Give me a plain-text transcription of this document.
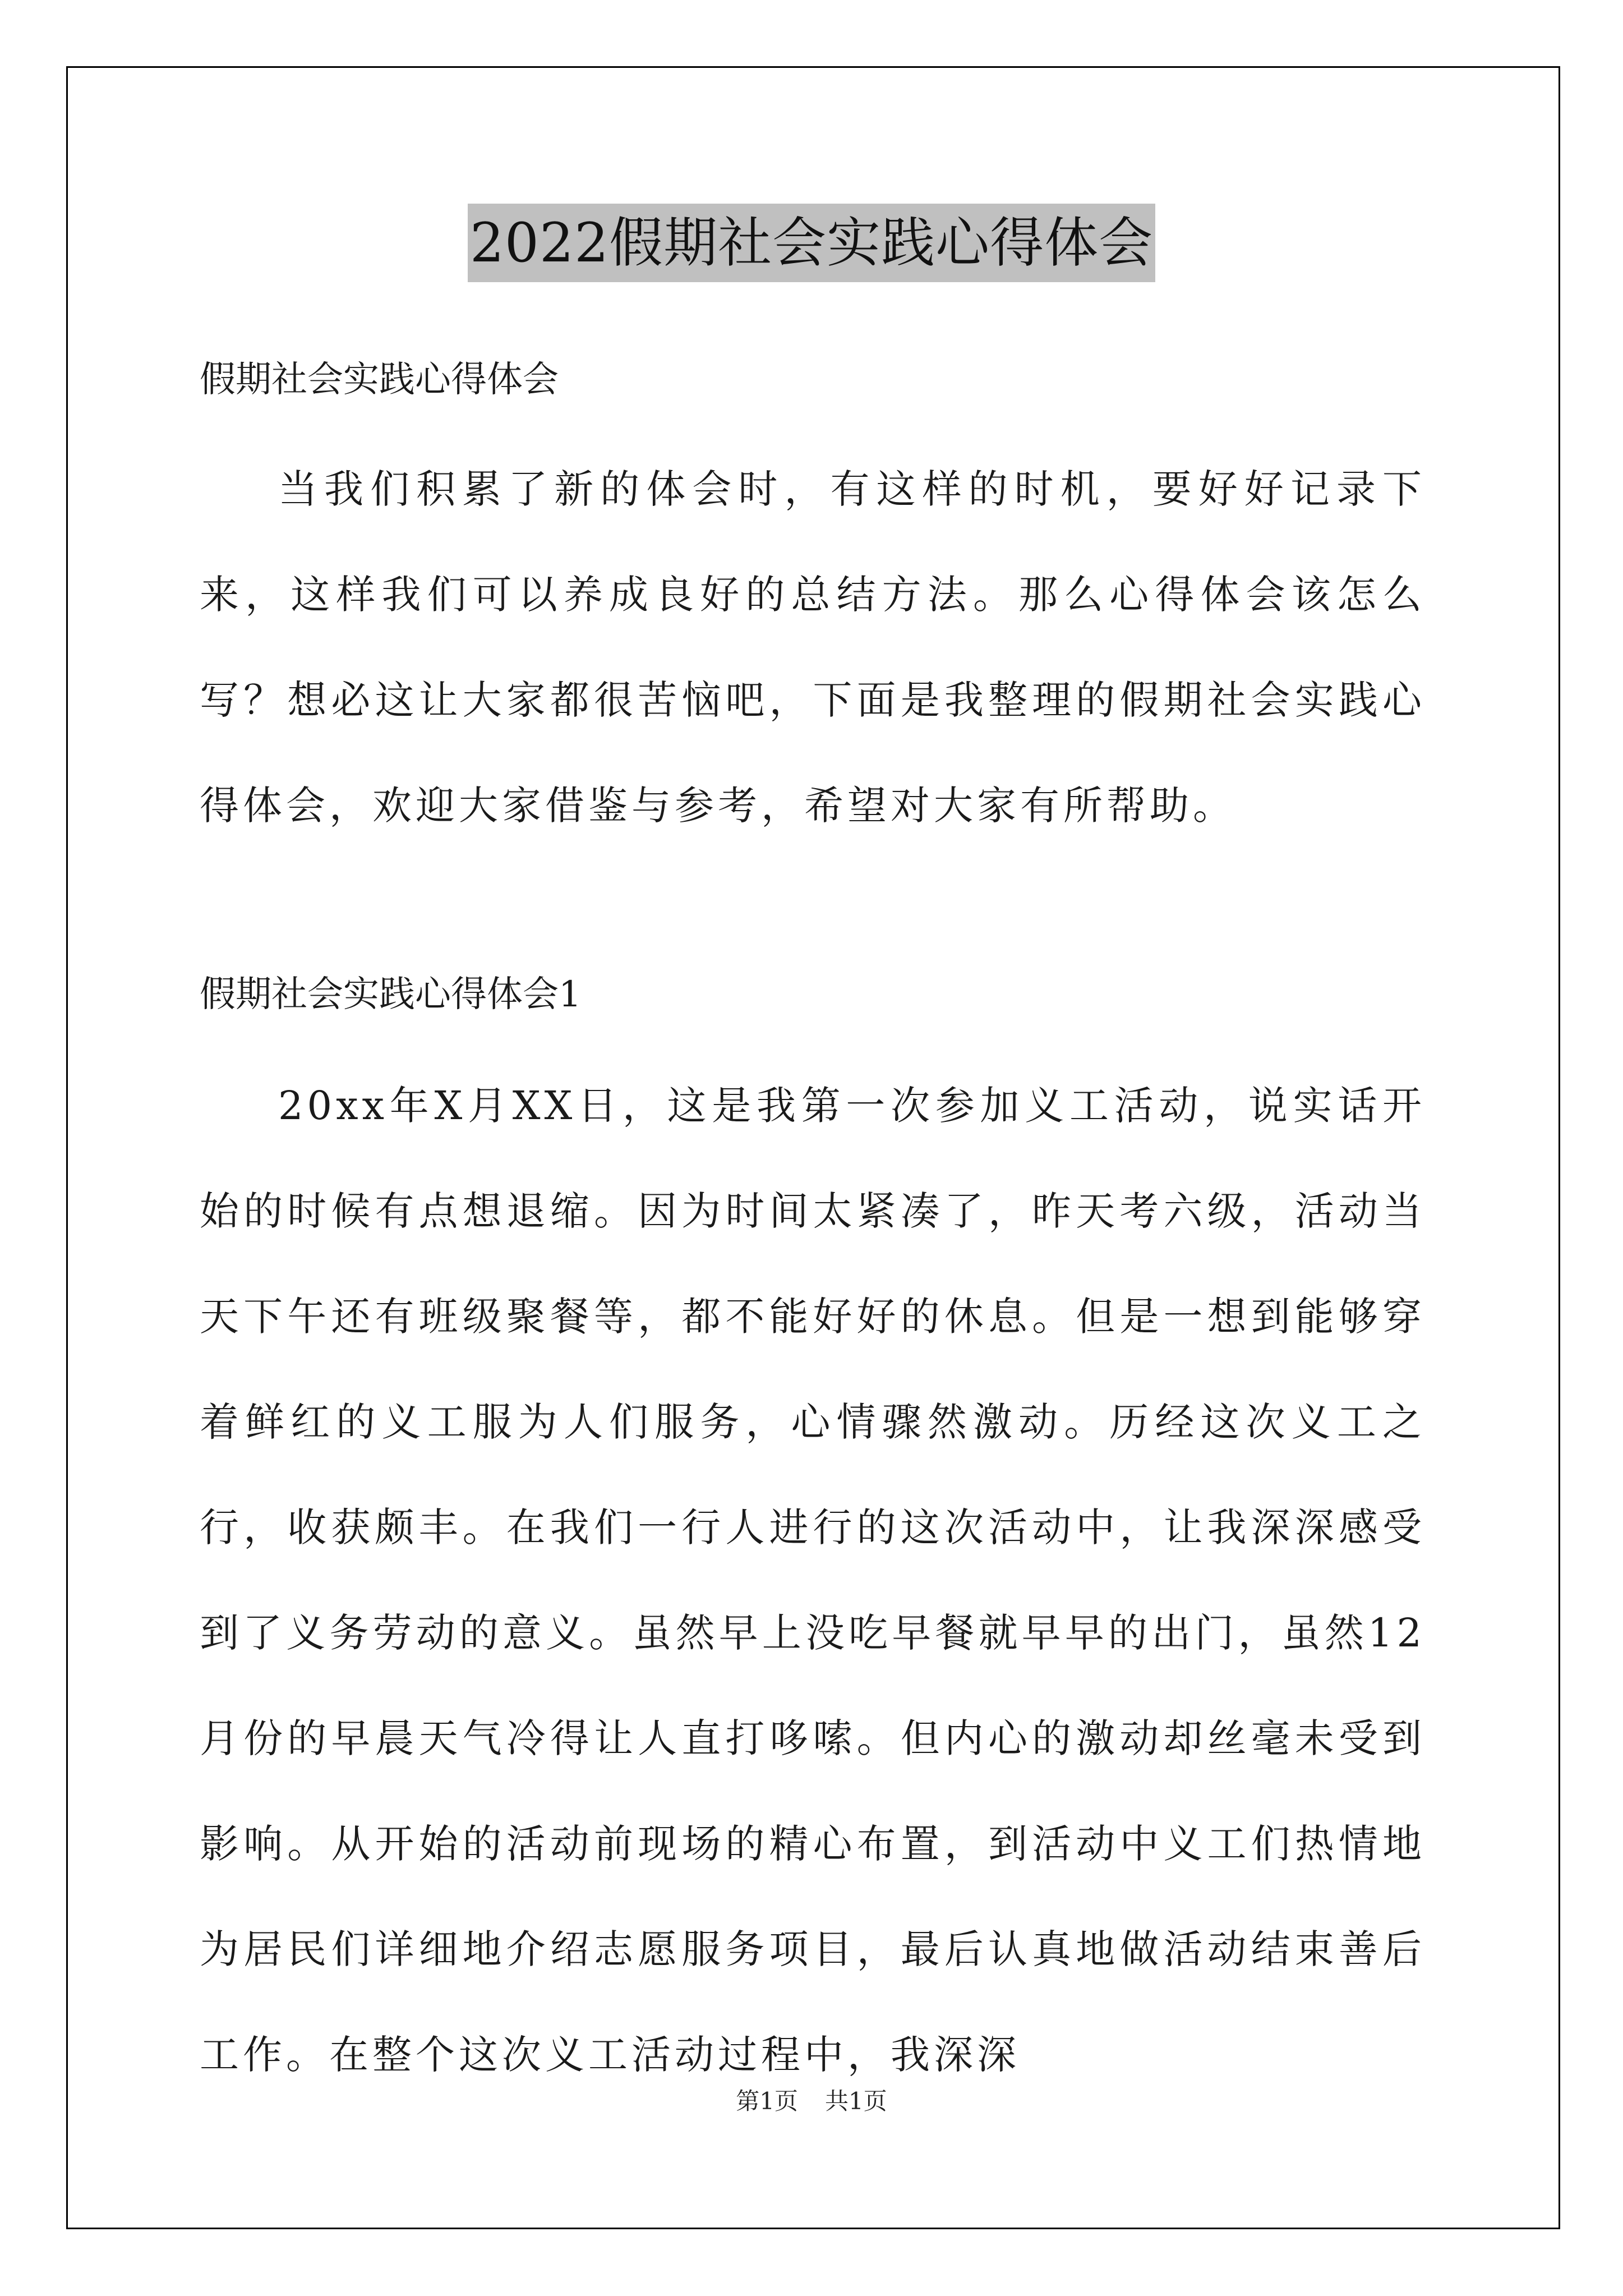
2022假期社会实践心得体会

假期社会实践心得体会

当我们积累了新的体会时，有这样的时机，要好好记录下来，这样我们可以养成良好的总结方法。那么心得体会该怎么写？想必这让大家都很苦恼吧，下面是我整理的假期社会实践心得体会，欢迎大家借鉴与参考，希望对大家有所帮助。

假期社会实践心得体会1

20xx年X月XX日，这是我第一次参加义工活动，说实话开始的时候有点想退缩。因为时间太紧凑了，昨天考六级，活动当天下午还有班级聚餐等，都不能好好的休息。但是一想到能够穿着鲜红的义工服为人们服务，心情骤然激动。历经这次义工之行，收获颇丰。在我们一行人进行的这次活动中，让我深深感受到了义务劳动的意义。虽然早上没吃早餐就早早的出门，虽然12月份的早晨天气冷得让人直打哆嗦。但内心的激动却丝毫未受到影响。从开始的活动前现场的精心布置，到活动中义工们热情地为居民们详细地介绍志愿服务项目，最后认真地做活动结束善后工作。在整个这次义工活动过程中，我深深

第1页 共1页
